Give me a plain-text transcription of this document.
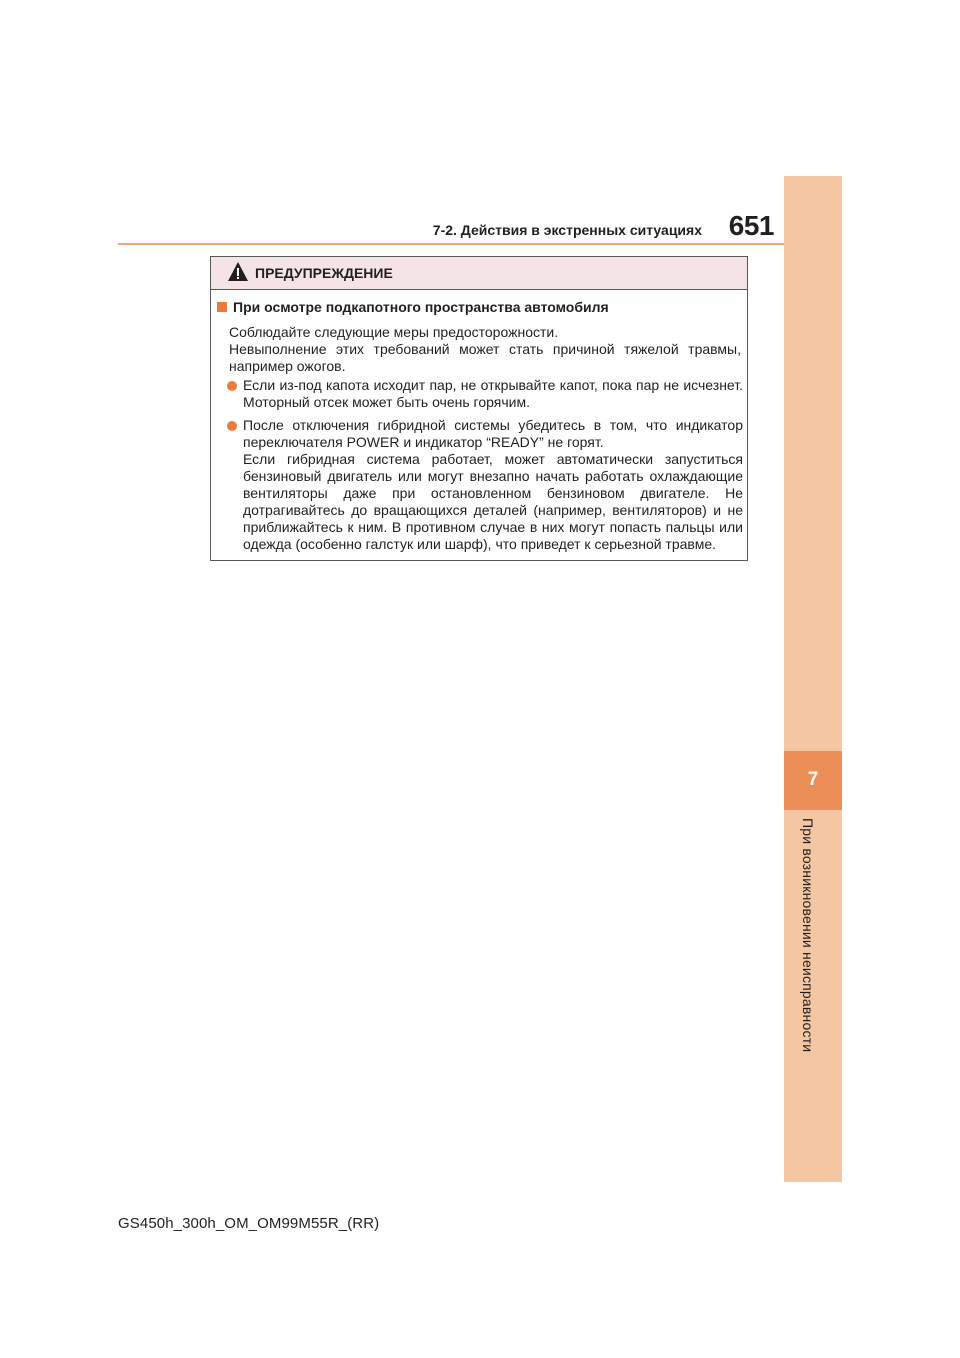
7
При возникновении неисправности
7-2. Действия в экстренных ситуациях 651
ПРЕДУПРЕЖДЕНИЕ
При осмотре подкапотного пространства автомобиля
Соблюдайте следующие меры предосторожности.
Невыполнение этих требований может стать причиной тяжелой травмы,
например ожогов.
Если из-под капота исходит пар, не открывайте капот, пока пар не исчезнет. Моторный отсек может быть очень горячим.
После отключения гибридной системы убедитесь в том, что индикатор переключателя POWER и индикатор “READY” не горят.
Если гибридная система работает, может автоматически запуститься бензиновый двигатель или могут внезапно начать работать охлаждающие вентиляторы даже при остановленном бензиновом двигателе. Не дотрагивайтесь до вращающихся деталей (например, вентиляторов) и не приближайтесь к ним. В противном случае в них могут попасть пальцы или одежда (особенно галстук или шарф), что приведет к серьезной травме.
GS450h_300h_OM_OM99M55R_(RR)
